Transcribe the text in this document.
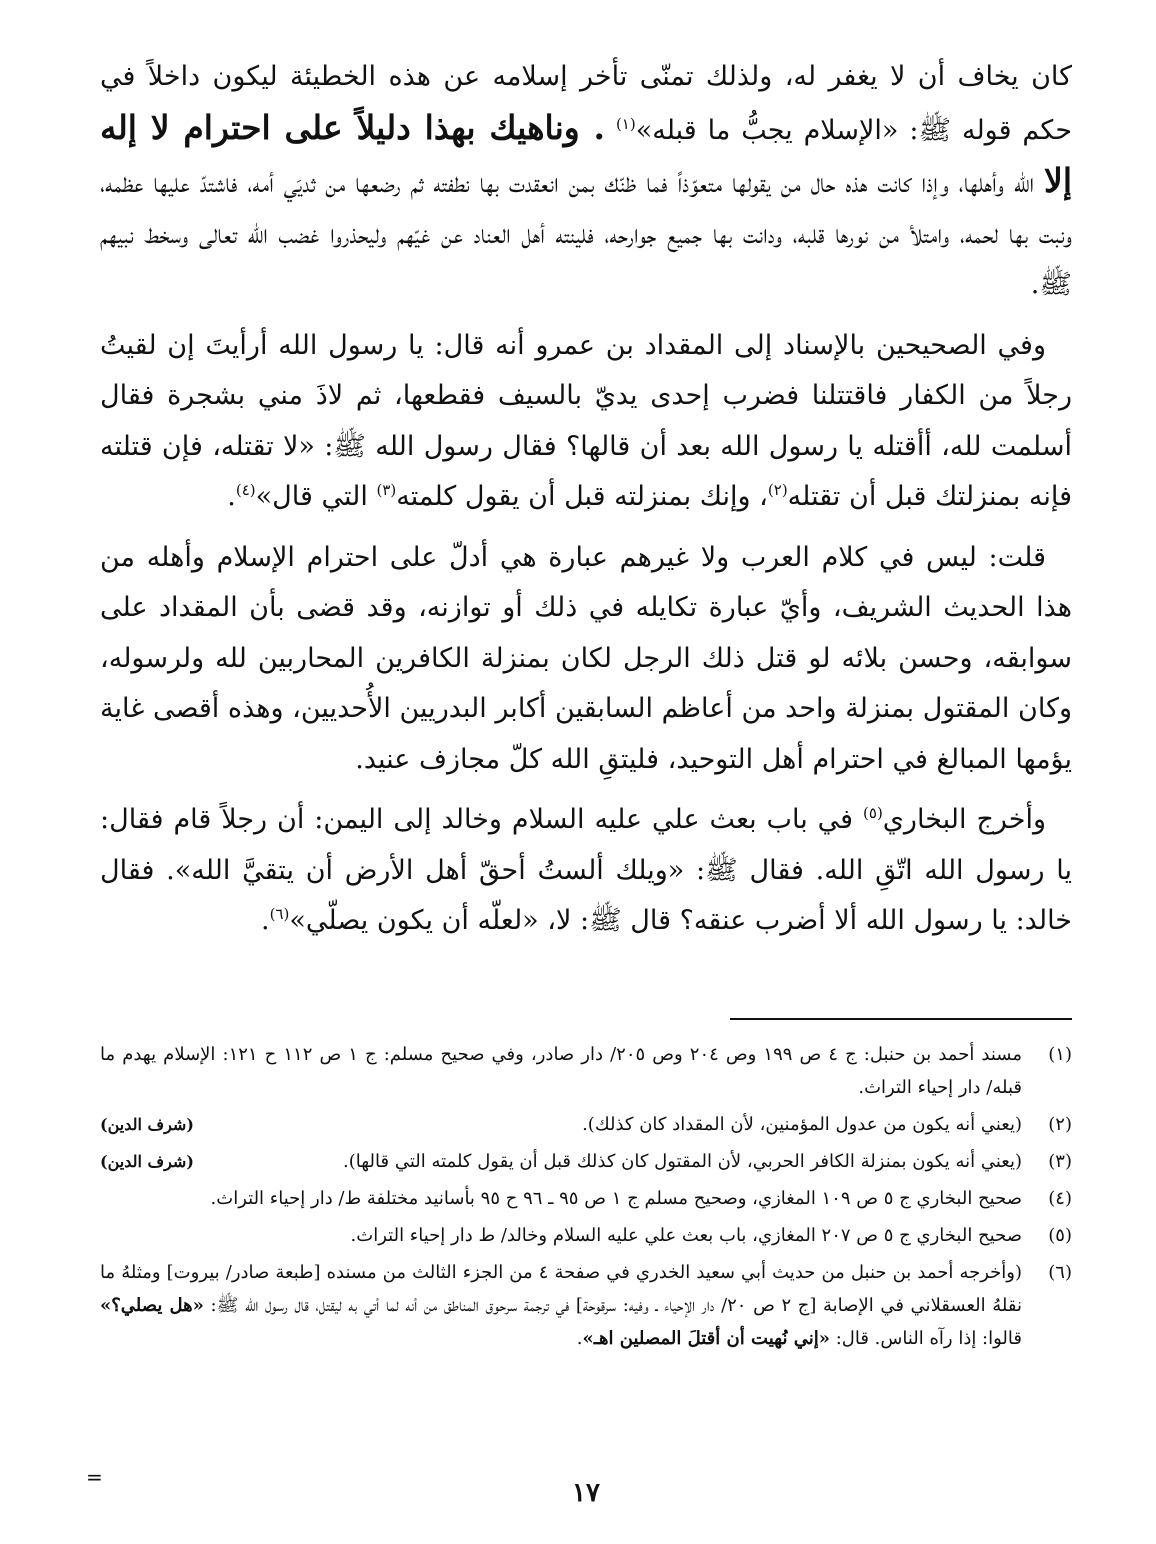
كان يخاف أن لا يغفر له، ولذلك تمنّى تأخر إسلامه عن هذه الخطيئة ليكون داخلاً في حكم قوله ﷺ: «الإسلام يجبُّ ما قبله»$^{(١)}$ . وناهيك بهذا دليلاً على احترام لا إله إلا الله وأهلها، وإذا كانت هذه حال من يقولها متعوّذاً فما ظنّك بمن انعقدت بها نطفته ثم رضعها من ثديَي أمه، فاشتدّ عليها عظمه، ونبت بها لحمه، وامتلأ من نورها قلبه، ودانت بها جميع جوارحه، فلينته أهل العناد عن غيّهم وليحذروا غضب الله تعالى وسخط نبيهم ﷺ.

وفي الصحيحين بالإسناد إلى المقداد بن عمرو أنه قال: يا رسول الله أرأيتَ إن لقيتُ رجلاً من الكفار فاقتتلنا فضرب إحدى يديّ بالسيف فقطعها، ثم لاذَ مني بشجرة فقال أسلمت لله، أأقتله يا رسول الله بعد أن قالها؟ فقال رسول الله ﷺ: «لا تقتله، فإن قتلته فإنه بمنزلتك قبل أن تقتله$^{(٢)}$، وإنك بمنزلته قبل أن يقول كلمته$^{(٣)}$ التي قال»$^{(٤)}$.

قلت: ليس في كلام العرب ولا غيرهم عبارة هي أدلّ على احترام الإسلام وأهله من هذا الحديث الشريف، وأيّ عبارة تكايله في ذلك أو توازنه، وقد قضى بأن المقداد على سوابقه، وحسن بلائه لو قتل ذلك الرجل لكان بمنزلة الكافرين المحاربين لله ولرسوله، وكان المقتول بمنزلة واحد من أعاظم السابقين أكابر البدريين الأُحديين، وهذه أقصى غاية يؤمها المبالغ في احترام أهل التوحيد، فليتقِ الله كلّ مجازف عنيد.

وأخرج البخاري$^{(٥)}$ في باب بعث علي عليه السلام وخالد إلى اليمن: أن رجلاً قام فقال: يا رسول الله اتّقِ الله. فقال ﷺ: «ويلك ألستُ أحقّ أهل الأرض أن يتقيَّ الله». فقال خالد: يا رسول الله ألا أضرب عنقه؟ قال ﷺ: لا، «لعلّه أن يكون يصلّي»$^{(٦)}$.

(١)
مسند أحمد بن حنبل: ج ٤ ص ١٩٩ وص ٢٠٤ وص ٢٠٥/ دار صادر، وفي صحيح مسلم: ج ١ ص ١١٢ ح ١٢١: الإسلام يهدم ما قبله/ دار إحياء التراث.
(٢)
(يعني أنه يكون من عدول المؤمنين، لأن المقداد كان كذلك).
(شرف الدين)
(٣)
(يعني أنه يكون بمنزلة الكافر الحربي، لأن المقتول كان كذلك قبل أن يقول كلمته التي قالها).
(شرف الدين)
(٤)
صحيح البخاري ج ٥ ص ١٠٩ المغازي، وصحيح مسلم ج ١ ص ٩٥ ـ ٩٦ ح ٩٥ بأسانيد مختلفة ط/ دار إحياء التراث.
(٥)
صحيح البخاري ج ٥ ص ٢٠٧ المغازي، باب بعث علي عليه السلام وخالد/ ط دار إحياء التراث.
(٦)
(وأخرجه أحمد بن حنبل من حديث أبي سعيد الخدري في صفحة ٤ من الجزء الثالث من مسنده [طبعة صادر/ بيروت] ومثلهُ ما نقلهُ العسقلاني في الإصابة [ج ٢ ص ٢٠/ دار الإحياء ـ وفيه: سرقوحة] في ترجمة سرحوق المناطق من أنه لما أتي به ليقتل، قال رسول الله ﷺ: «هل يصلي؟» قالوا: إذا رآه الناس. قال: «إني نُهيت أن أقتلَ المصلين اهـ».
=
١٧
